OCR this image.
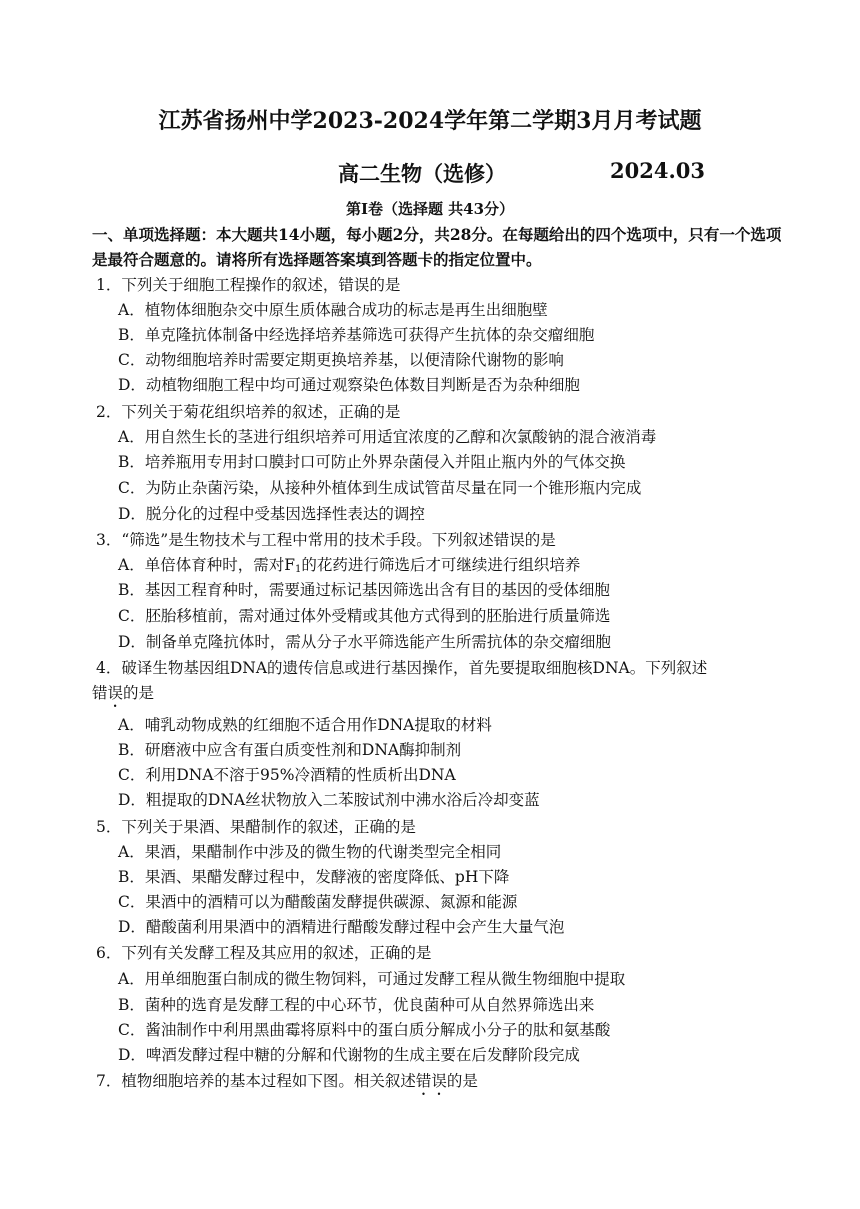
江苏省扬州中学2023-2024学年第二学期3月月考试题
高二生物（选修）	2024.03
第Ⅰ卷（选择题 共43分）
一、单项选择题：本大题共14小题，每小题2分，共28分。在每题给出的四个选项中，只有一个选项是最符合题意的。请将所有选择题答案填到答题卡的指定位置中。
1．下列关于细胞工程操作的叙述，错误的是
A．植物体细胞杂交中原生质体融合成功的标志是再生出细胞壁
B．单克隆抗体制备中经选择培养基筛选可获得产生抗体的杂交瘤细胞
C．动物细胞培养时需要定期更换培养基，以便清除代谢物的影响
D．动植物细胞工程中均可通过观察染色体数目判断是否为杂种细胞
2．下列关于菊花组织培养的叙述，正确的是
A．用自然生长的茎进行组织培养可用适宜浓度的乙醇和次氯酸钠的混合液消毒
B．培养瓶用专用封口膜封口可防止外界杂菌侵入并阻止瓶内外的气体交换
C．为防止杂菌污染，从接种外植体到生成试管苗尽量在同一个锥形瓶内完成
D．脱分化的过程中受基因选择性表达的调控
3．“筛选”是生物技术与工程中常用的技术手段。下列叙述错误的是
A．单倍体育种时，需对$F_1$的花药进行筛选后才可继续进行组织培养
B．基因工程育种时，需要通过标记基因筛选出含有目的基因的受体细胞
C．胚胎移植前，需对通过体外受精或其他方式得到的胚胎进行质量筛选
D．制备单克隆抗体时，需从分子水平筛选能产生所需抗体的杂交瘤细胞
4．破译生物基因组DNA的遗传信息或进行基因操作，首先要提取细胞核DNA。下列叙述
错误的是
A．哺乳动物成熟的红细胞不适合用作DNA提取的材料
B．研磨液中应含有蛋白质变性剂和DNA酶抑制剂
C．利用DNA不溶于95%冷酒精的性质析出DNA
D．粗提取的DNA丝状物放入二苯胺试剂中沸水浴后冷却变蓝
5．下列关于果酒、果醋制作的叙述，正确的是
A．果酒，果醋制作中涉及的微生物的代谢类型完全相同
B．果酒、果醋发酵过程中，发酵液的密度降低、pH下降
C．果酒中的酒精可以为醋酸菌发酵提供碳源、氮源和能源
D．醋酸菌利用果酒中的酒精进行醋酸发酵过程中会产生大量气泡
6．下列有关发酵工程及其应用的叙述，正确的是
A．用单细胞蛋白制成的微生物饲料，可通过发酵工程从微生物细胞中提取
B．菌种的选育是发酵工程的中心环节，优良菌种可从自然界筛选出来
C．酱油制作中利用黑曲霉将原料中的蛋白质分解成小分子的肽和氨基酸
D．啤酒发酵过程中糖的分解和代谢物的生成主要在后发酵阶段完成
7．植物细胞培养的基本过程如下图。相关叙述错误的是
